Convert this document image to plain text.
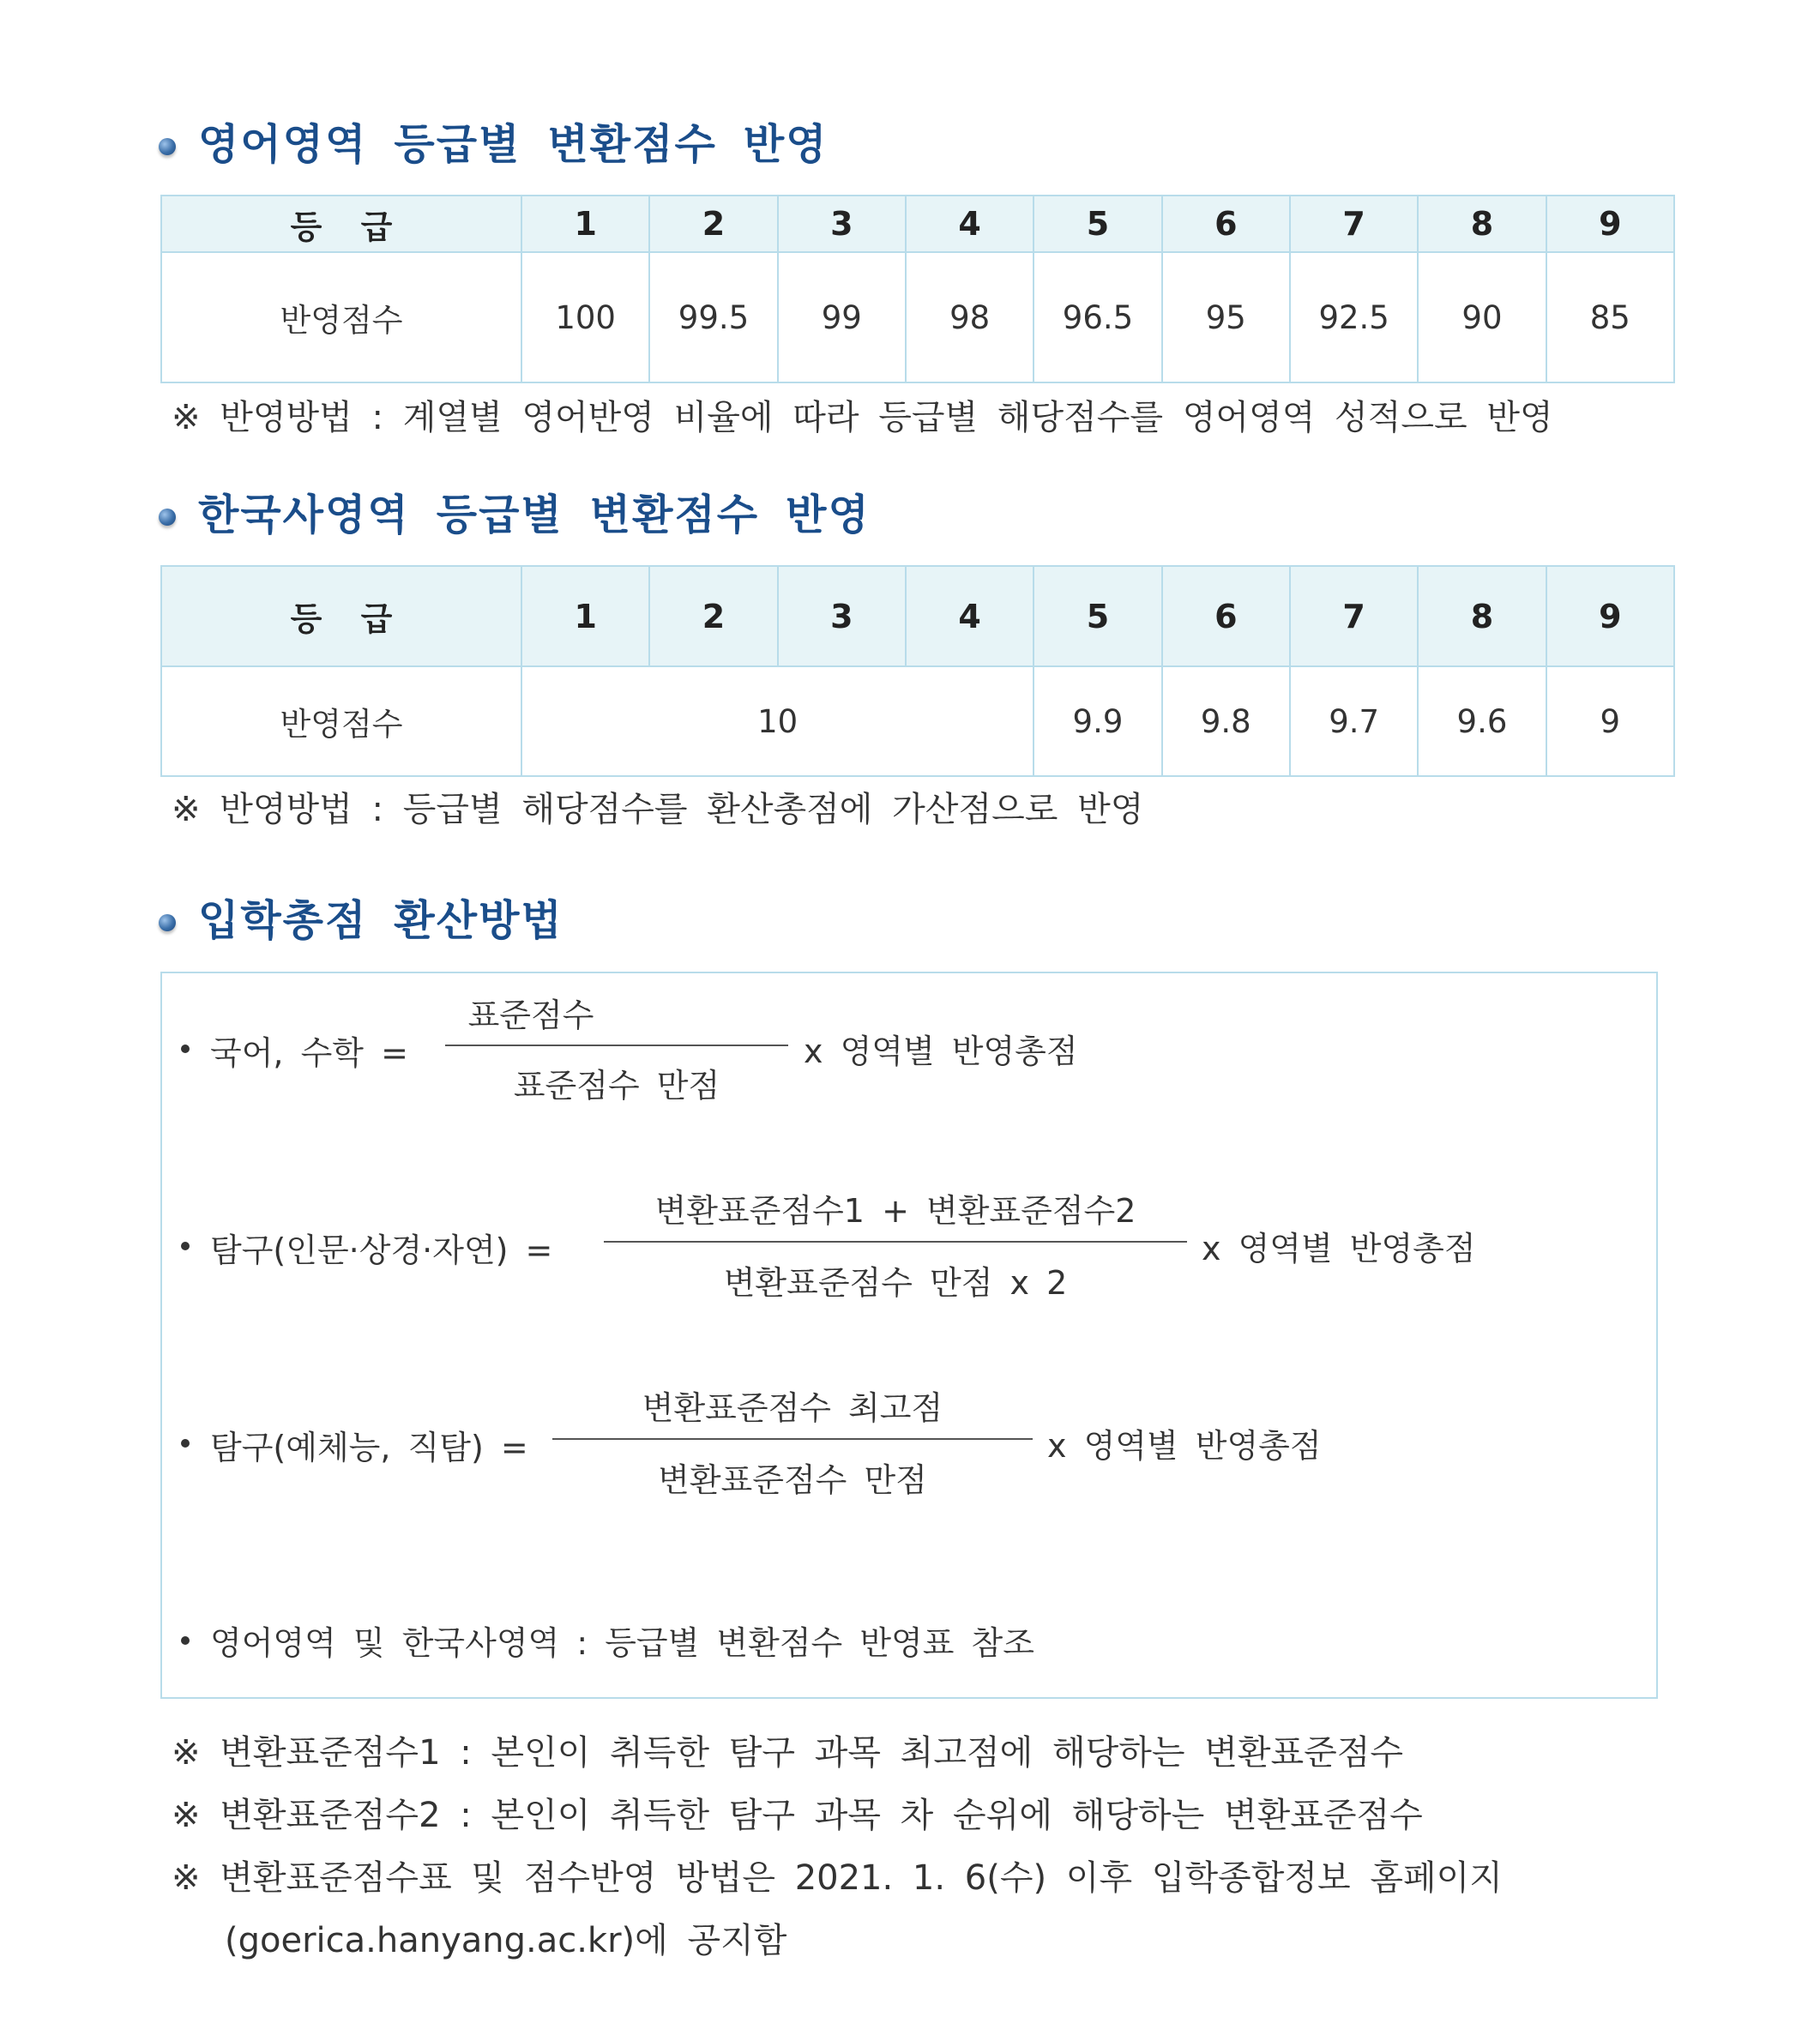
영어영역 등급별 변환점수 반영
등 급	1	2	3	4	5	6	7	8	9
반영점수	100	99.5	99	98	96.5	95	92.5	90	85
※ 반영방법 : 계열별 영어반영 비율에 따라 등급별 해당점수를 영어영역 성적으로 반영
한국사영역 등급별 변환점수 반영
등 급	1	2	3	4	5	6	7	8	9
반영점수	10				9.9	9.8	9.7	9.6	9
※ 반영방법 : 등급별 해당점수를 환산총점에 가산점으로 반영
입학총점 환산방법
국어, 수학 =
표준점수
표준점수 만점
x 영역별 반영총점
탐구(인문·상경·자연) =
변환표준점수1 + 변환표준점수2
변환표준점수 만점 x 2
x 영역별 반영총점
탐구(예체능, 직탐) =
변환표준점수 최고점
변환표준점수 만점
x 영역별 반영총점
영어영역 및 한국사영역 : 등급별 변환점수 반영표 참조
※ 변환표준점수1 : 본인이 취득한 탐구 과목 최고점에 해당하는 변환표준점수
※ 변환표준점수2 : 본인이 취득한 탐구 과목 차 순위에 해당하는 변환표준점수
※ 변환표준점수표 및 점수반영 방법은 2021. 1. 6(수) 이후 입학종합정보 홈페이지
(goerica.hanyang.ac.kr)에 공지함
